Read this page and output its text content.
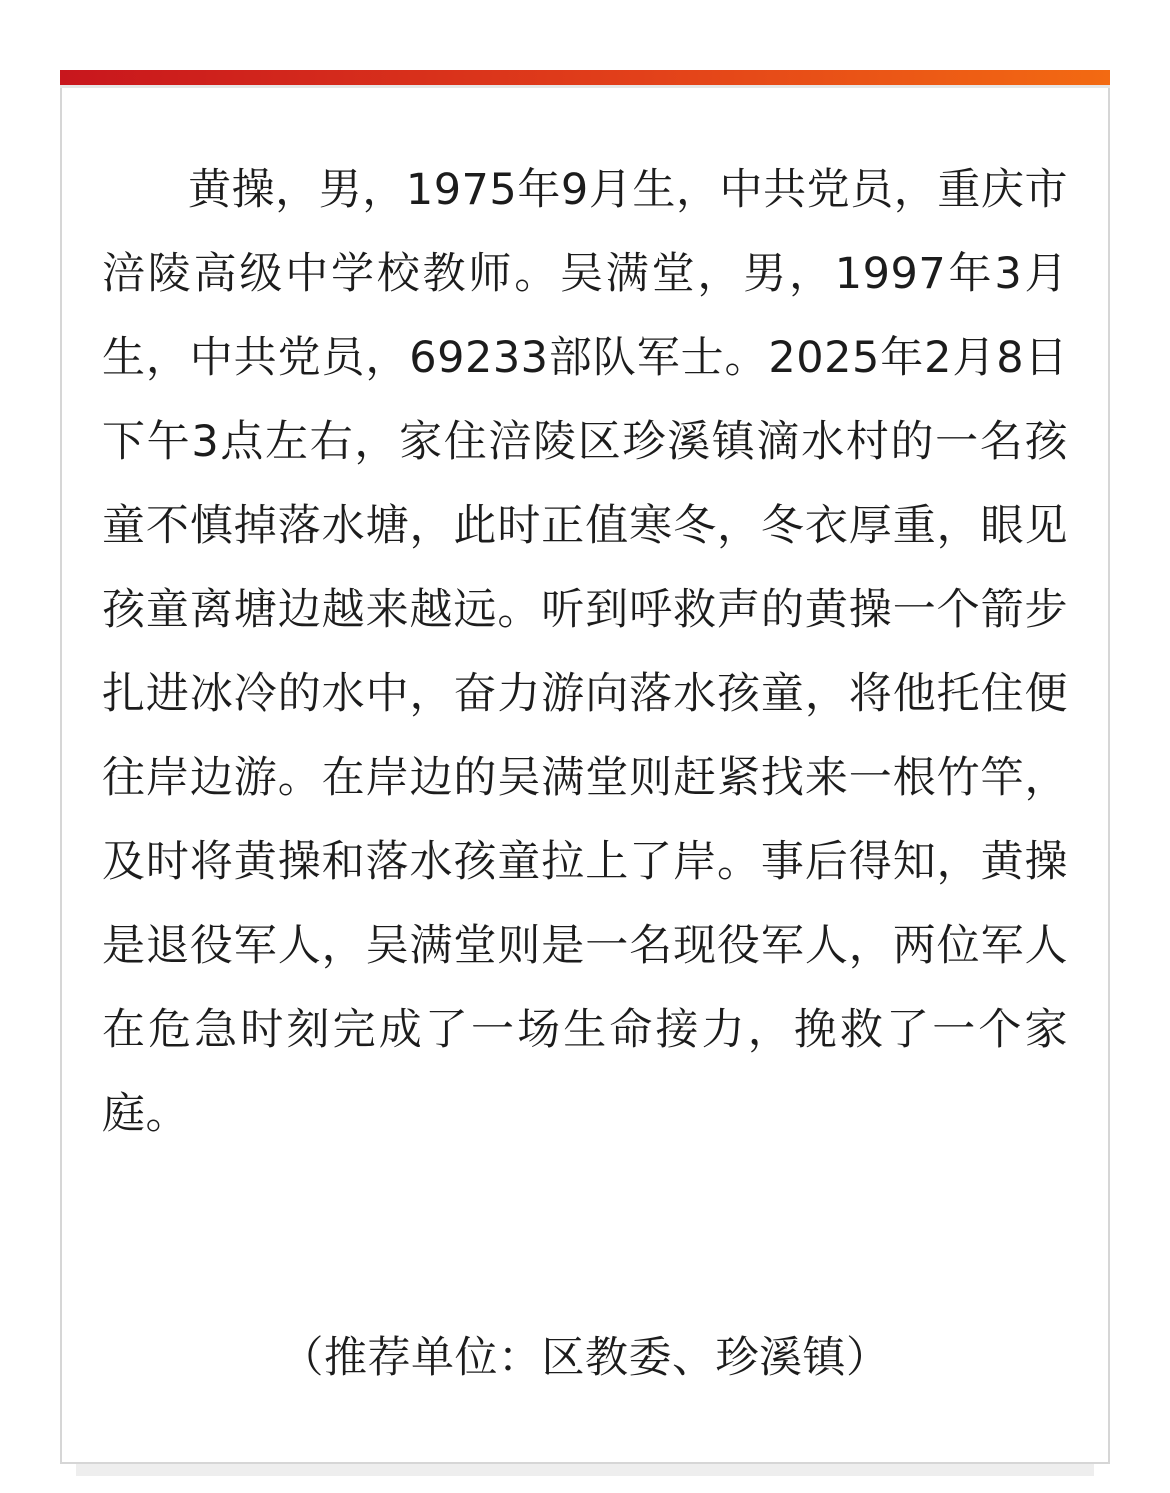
黄操，男，1975年9月生，中共党员，重庆市涪陵高级中学校教师。吴满堂，男，1997年3月生，中共党员，69233部队军士。2025年2月8日下午3点左右，家住涪陵区珍溪镇滴水村的一名孩童不慎掉落水塘，此时正值寒冬，冬衣厚重，眼见孩童离塘边越来越远。听到呼救声的黄操一个箭步扎进冰冷的水中，奋力游向落水孩童，将他托住便往岸边游。在岸边的吴满堂则赶紧找来一根竹竿，及时将黄操和落水孩童拉上了岸。事后得知，黄操是退役军人，吴满堂则是一名现役军人，两位军人在危急时刻完成了一场生命接力，挽救了一个家庭。

（推荐单位：区教委、珍溪镇）
